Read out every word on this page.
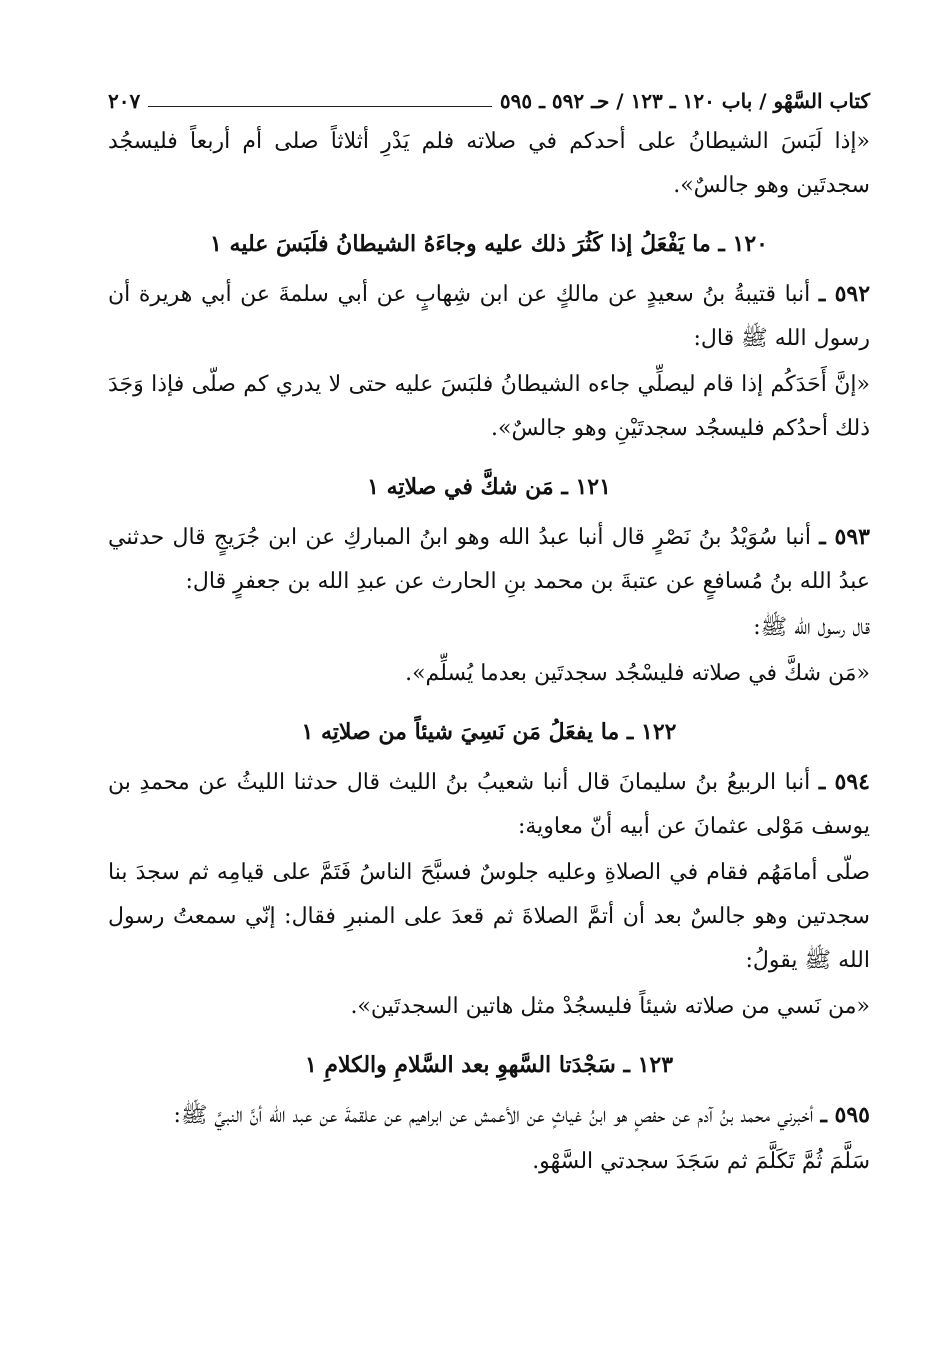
كتاب السَّهْو / باب ١٢٠ ـ ١٢٣ / حـ ٥٩٢ ـ ٥٩٥
٢٠٧

«إذا لَبَسَ الشيطانُ على أحدكم في صلاته فلم يَدْرِ أثلاثاً صلى أم أربعاً فليسجُد سجدتَين وهو جالسٌ».

١٢٠ ـ ما يَفْعَلُ إذا كَثُرَ ذلك عليه وجاءَهُ الشيطانُ فلَبَسَ عليه ١

٥٩٢ ـ أنبا قتيبةُ بنُ سعيدٍ عن مالكٍ عن ابن شِهابٍ عن أبي سلمةَ عن أبي هريرة أن رسول الله ﷺ قال:

«إنَّ أَحَدَكُم إذا قام ليصلِّي جاءه الشيطانُ فلبَسَ عليه حتى لا يدري كم صلّى فإذا وَجَدَ ذلك أحدُكم فليسجُد سجدتَيْنِ وهو جالسٌ».

١٢١ ـ مَن شكَّ في صلاتِه ١

٥٩٣ ـ أنبا سُوَيْدُ بنُ نَصْرٍ قال أنبا عبدُ الله وهو ابنُ المباركِ عن ابن جُرَيجٍ قال حدثني عبدُ الله بنُ مُسافعٍ عن عتبةَ بن محمد بنِ الحارث عن عبدِ الله بن جعفرٍ قال:

قال رسول الله ﷺ:

«مَن شكَّ في صلاته فليسْجُد سجدتَين بعدما يُسلِّم».

١٢٢ ـ ما يفعَلُ مَن نَسِيَ شيئاً من صلاتِه ١

٥٩٤ ـ أنبا الربيعُ بنُ سليمانَ قال أنبا شعيبُ بنُ الليث قال حدثنا الليثُ عن محمدِ بن يوسف مَوْلى عثمانَ عن أبيه أنّ معاوية:

صلّى أمامَهُم فقام في الصلاةِ وعليه جلوسٌ فسبَّحَ الناسُ فَتَمَّ على قيامِه ثم سجدَ بنا سجدتين وهو جالسٌ بعد أن أتمَّ الصلاةَ ثم قعدَ على المنبرِ فقال: إنّي سمعتُ رسول الله ﷺ يقولُ:

«من نَسي من صلاته شيئاً فليسجُدْ مثل هاتين السجدتَين».

١٢٣ ـ سَجْدَتا السَّهوِ بعد السَّلامِ والكلامِ ١

٥٩٥ ـ أخبرني محمد بنُ آدم عن حفصٍ هو ابنُ غياثٍ عن الأعمش عن ابراهيم عن علقمةَ عن عبد الله أنَّ النبيَّ ﷺ:

سَلَّمَ ثُمَّ تَكَلَّمَ ثم سَجَدَ سجدتي السَّهْو.
